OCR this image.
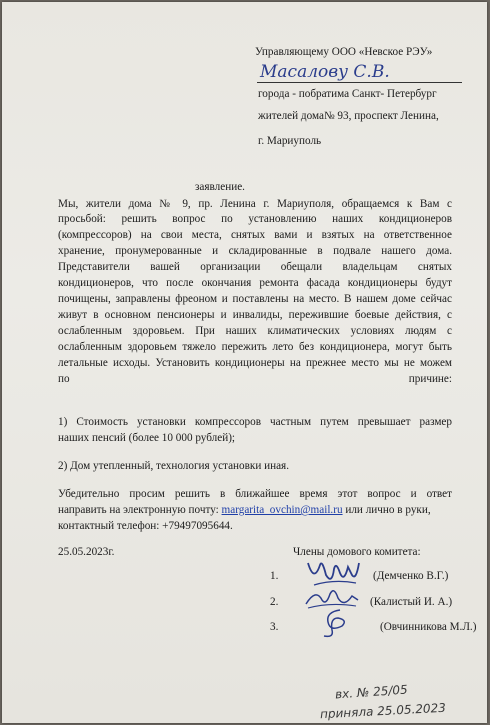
Управляющему ООО «Невское РЭУ»
Масалову С.В.
города - побратима Санкт- Петербург
жителей дома№ 93, проспект Ленина,
г. Мариуполь
заявление.
Мы, жители дома № 9, пр. Ленина г. Мариуполя, обращаемся к Вам с
просьбой: решить вопрос по установлению наших кондиционеров
(компрессоров) на свои места, снятых вами и взятых на ответственное
хранение, пронумерованные и складированные в подвале нашего дома.
Представители вашей организации обещали владельцам снятых
кондиционеров, что после окончания ремонта фасада кондиционеры будут
почищены, заправлены фреоном и поставлены на место. В нашем доме сейчас
живут в основном пенсионеры и инвалиды, пережившие боевые действия, с
ослабленным здоровьем. При наших климатических условиях людям с
ослабленным здоровьем тяжело пережить лето без кондиционера, могут быть
летальные исходы. Установить кондиционеры на прежнее место мы не можем
по причине:
1) Стоимость установки компрессоров частным путем превышает размер
наших пенсий (более 10 000 рублей);
2) Дом утепленный, технология установки иная.
Убедительно просим решить в ближайшее время этот вопрос и ответ
направить на электронную почту: margarita_ovchin@mail.ru или лично в руки,
контактный телефон: +79497095644.
25.05.2023г.	Члены домового комитета:
1.	(Демченко В.Г.)
2.	(Калистый И. А.)
3.	(Овчинникова М.Л.)
вх. № 25/05
приняла 25.05.2023
